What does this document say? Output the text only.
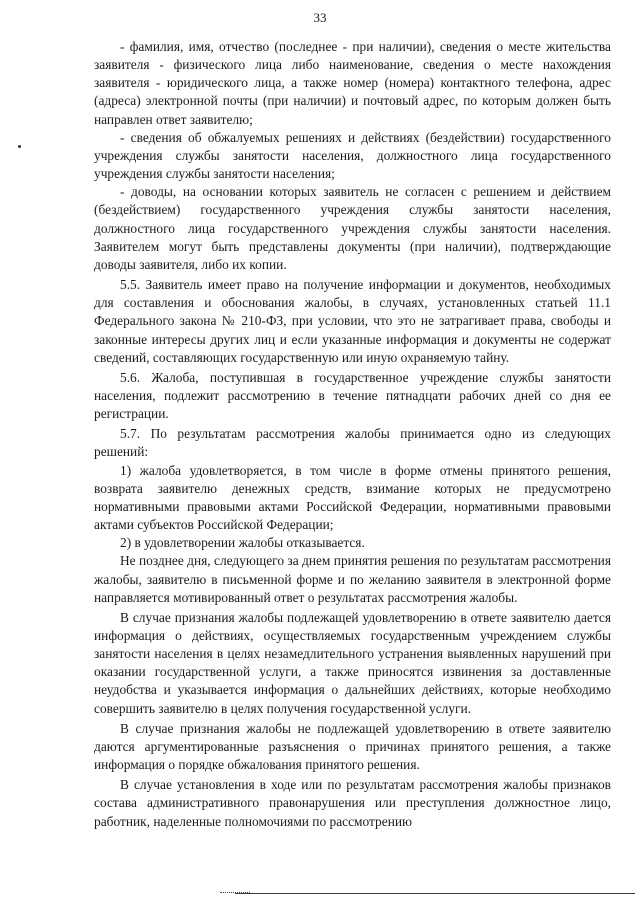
33

- фамилия, имя, отчество (последнее - при наличии), сведения о месте жительства заявителя - физического лица либо наименование, сведения о месте нахождения заявителя - юридического лица, а также номер (номера) контактного телефона, адрес (адреса) электронной почты (при наличии) и почтовый адрес, по которым должен быть направлен ответ заявителю;

- сведения об обжалуемых решениях и действиях (бездействии) государственного учреждения службы занятости населения, должностного лица государственного учреждения службы занятости населения;

- доводы, на основании которых заявитель не согласен с решением и действием (бездействием) государственного учреждения службы занятости населения, должностного лица государственного учреждения службы занятости населения. Заявителем могут быть представлены документы (при наличии), подтверждающие доводы заявителя, либо их копии.

5.5. Заявитель имеет право на получение информации и документов, необходимых для составления и обоснования жалобы, в случаях, установленных статьей 11.1 Федерального закона № 210-ФЗ, при условии, что это не затрагивает права, свободы и законные интересы других лиц и если указанные информация и документы не содержат сведений, составляющих государственную или иную охраняемую тайну.

5.6. Жалоба, поступившая в государственное учреждение службы занятости населения, подлежит рассмотрению в течение пятнадцати рабочих дней со дня ее регистрации.

5.7. По результатам рассмотрения жалобы принимается одно из следующих решений:

1) жалоба удовлетворяется, в том числе в форме отмены принятого решения, возврата заявителю денежных средств, взимание которых не предусмотрено нормативными правовыми актами Российской Федерации, нормативными правовыми актами субъектов Российской Федерации;

2) в удовлетворении жалобы отказывается.

Не позднее дня, следующего за днем принятия решения по результатам рассмотрения жалобы, заявителю в письменной форме и по желанию заявителя в электронной форме направляется мотивированный ответ о результатах рассмотрения жалобы.

В случае признания жалобы подлежащей удовлетворению в ответе заявителю дается информация о действиях, осуществляемых государственным учреждением службы занятости населения в целях незамедлительного устранения выявленных нарушений при оказании государственной услуги, а также приносятся извинения за доставленные неудобства и указывается информация о дальнейших действиях, которые необходимо совершить заявителю в целях получения государственной услуги.

В случае признания жалобы не подлежащей удовлетворению в ответе заявителю даются аргументированные разъяснения о причинах принятого решения, а также информация о порядке обжалования принятого решения.

В случае установления в ходе или по результатам рассмотрения жалобы признаков состава административного правонарушения или преступления должностное лицо, работник, наделенные полномочиями по рассмотрению
